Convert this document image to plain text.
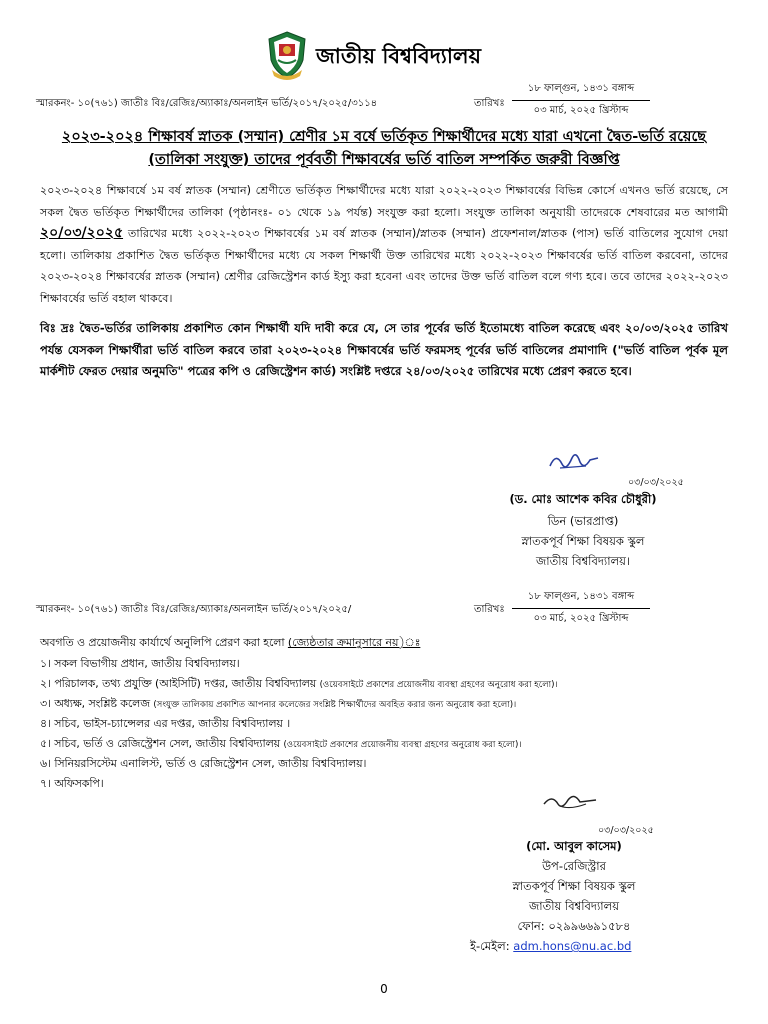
জাতীয় বিশ্ববিদ্যালয়
স্মারকনং- ১০(৭৬১) জাতীঃ বিঃ/রেজিঃ/অ্যাকাঃ/অনলাইন ভর্তি/২০১৭/২০২৫/৩১১৪	তারিখঃ
১৮ ফাল্গুন, ১৪৩১ বঙ্গাব্দ
০৩ মার্চ, ২০২৫ খ্রিস্টাব্দ
২০২৩-২০২৪ শিক্ষাবর্ষ স্নাতক (সম্মান) শ্রেণীর ১ম বর্ষে ভর্তিকৃত শিক্ষার্থীদের মধ্যে যারা এখনো দ্বৈত-ভর্তি রয়েছে
(তালিকা সংযুক্ত) তাদের পূর্ববর্তী শিক্ষাবর্ষের ভর্তি বাতিল সম্পর্কিত জরুরী বিজ্ঞপ্তি
২০২৩-২০২৪ শিক্ষাবর্ষে ১ম বর্ষ স্নাতক (সম্মান) শ্রেণীতে ভর্তিকৃত শিক্ষার্থীদের মধ্যে যারা ২০২২-২০২৩ শিক্ষাবর্ষের বিভিন্ন কোর্সে এখনও ভর্তি রয়েছে, সে সকল দ্বৈত ভর্তিকৃত শিক্ষার্থীদের তালিকা (পৃষ্ঠানংঃ- ০১ থেকে ১৯ পর্যন্ত) সংযুক্ত করা হলো। সংযুক্ত তালিকা অনুযায়ী তাদেরকে শেষবারের মত আগামী ২০/০৩/২০২৫ তারিখের মধ্যে ২০২২-২০২৩ শিক্ষাবর্ষের ১ম বর্ষ স্নাতক (সম্মান)/স্নাতক (সম্মান) প্রফেশনাল/স্নাতক (পাস) ভর্তি বাতিলের সুযোগ দেয়া হলো। তালিকায় প্রকাশিত দ্বৈত ভর্তিকৃত শিক্ষার্থীদের মধ্যে যে সকল শিক্ষার্থী উক্ত তারিখের মধ্যে ২০২২-২০২৩ শিক্ষাবর্ষের ভর্তি বাতিল করবেনা, তাদের ২০২৩-২০২৪ শিক্ষাবর্ষের স্নাতক (সম্মান) শ্রেণীর রেজিস্ট্রেশন কার্ড ইস্যু করা হবেনা এবং তাদের উক্ত ভর্তি বাতিল বলে গণ্য হবে। তবে তাদের ২০২২-২০২৩ শিক্ষাবর্ষের ভর্তি বহাল থাকবে।
বিঃ দ্রঃ দ্বৈত-ভর্তির তালিকায় প্রকাশিত কোন শিক্ষার্থী যদি দাবী করে যে, সে তার পূর্বের ভর্তি ইতোমধ্যে বাতিল করেছে এবং ২০/০৩/২০২৫ তারিখ পর্যন্ত যেসকল শিক্ষার্থীরা ভর্তি বাতিল করবে তারা ২০২৩-২০২৪ শিক্ষাবর্ষের ভর্তি ফরমসহ পূর্বের ভর্তি বাতিলের প্রমাণাদি ("ভর্তি বাতিল পূর্বক মূল মার্কশীট ফেরত দেয়ার অনুমতি" পত্রের কপি ও রেজিস্ট্রেশন কার্ড) সংশ্লিষ্ট দপ্তরে ২৪/০৩/২০২৫ তারিখের মধ্যে প্রেরণ করতে হবে।
০৩/০৩/২০২৫
(ড. মোঃ আশেক কবির চৌধুরী)
ডিন (ভারপ্রাপ্ত)
স্নাতকপূর্ব শিক্ষা বিষয়ক স্কুল
জাতীয় বিশ্ববিদ্যালয়।
স্মারকনং- ১০(৭৬১) জাতীঃ বিঃ/রেজিঃ/অ্যাকাঃ/অনলাইন ভর্তি/২০১৭/২০২৫/	তারিখঃ
১৮ ফাল্গুন, ১৪৩১ বঙ্গাব্দ
০৩ মার্চ, ২০২৫ খ্রিস্টাব্দ
অবগতি ও প্রয়োজনীয় কার্যার্থে অনুলিপি প্রেরণ করা হলো (জ্যেষ্ঠতার ক্রমানুসারে নয়)
১। সকল বিভাগীয় প্রধান, জাতীয় বিশ্ববিদ্যালয়।
২। পরিচালক, তথ্য প্রযুক্তি (আইসিটি) দপ্তর, জাতীয় বিশ্ববিদ্যালয় (ওয়েবসাইটে প্রকাশের প্রয়োজনীয় ব্যবস্থা গ্রহণের অনুরোধ করা হলো)।
৩। অধ্যক্ষ, সংশ্লিষ্ট কলেজ (সংযুক্ত তালিকায় প্রকাশিত আপনার কলেজের সংশ্লিষ্ট শিক্ষার্থীদের অবহিত করার জন্য অনুরোধ করা হলো)।
৪। সচিব, ভাইস-চ্যান্সেলর এর দপ্তর, জাতীয় বিশ্ববিদ্যালয় ।
৫। সচিব, ভর্তি ও রেজিস্ট্রেশন সেল, জাতীয় বিশ্ববিদ্যালয় (ওয়েবসাইটে প্রকাশের প্রয়োজনীয় ব্যবস্থা গ্রহণের অনুরোধ করা হলো)।
৬। সিনিয়রসিস্টেম এনালিস্ট, ভর্তি ও রেজিস্ট্রেশন সেল, জাতীয় বিশ্ববিদ্যালয়।
৭। অফিসকপি।
০৩/০৩/২০২৫
(মো. আবুল কাসেম)
উপ-রেজিস্ট্রার
স্নাতকপূর্ব শিক্ষা বিষয়ক স্কুল
জাতীয় বিশ্ববিদ্যালয়
ফোন: ০২৯৯৬৬৯১৫৮৪
ই-মেইল: adm.hons@nu.ac.bd
0
